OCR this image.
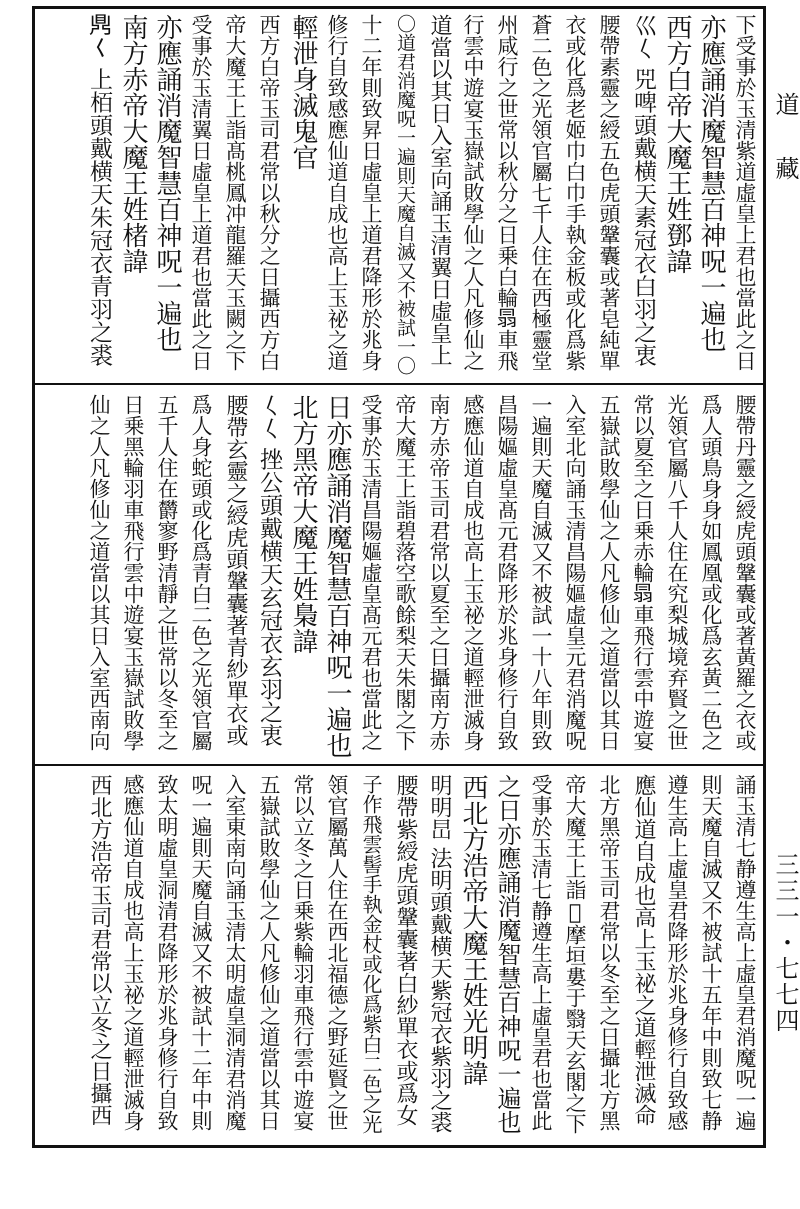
下受事於玉清紫道虛皇上君也當此之日
亦應誦消魔智慧百神呪一遍也
西方白帝大魔王姓鄧諱
巛𡿨 兕啤頭戴横天素冠衣白羽之衷
腰帶素靈之綬五色虎頭鞶囊或著皂純單
衣或化爲老姬巾白巾手執金板或化爲紫
蒼二色之光領官屬七千人住在西極靈堂
州咸行之世常以秋分之日乗白輪𦐇車飛
行雲中遊宴玉嶽試敗學仙之人凡修仙之
道當以其日入室向誦玉清翼日虛皇上
〇道君消魔呪一遍則天魔自滅又不被試一〇
十二年則致昇日虛皇上道君降形於兆身
修行自致感應仙道自成也高上玉祕之道
輕泄身滅鬼官
西方白帝玉司君常以秋分之日攝西方白
帝大魔王上詣髙桃鳳冲龍羅天玉闕之下
受事於玉清翼日虛皇上道君也當此之日
亦應誦消魔智慧百神呪一遍也
南方赤帝大魔王姓楮諱
𪔂𡿨 上栢頭戴横天朱冠衣青羽之裘
腰帶丹靈之綬虎頭鞶囊或著黃羅之衣或
爲人頭鳥身身如鳳凰或化爲玄黃二色之
光領官屬八千人住在究梨城境弃賢之世
常以夏至之日乗赤輪𦐇車飛行雲中遊宴
五嶽試敗學仙之人凡修仙之道當以其日
入室北向誦玉清昌陽嫗虛皇元君消魔呪
一遍則天魔自滅又不被試一十八年則致
昌陽嫗虛皇髙元君降形於兆身修行自致
感應仙道自成也高上玉祕之道輕泄滅身
南方赤帝玉司君常以夏至之日攝南方赤
帝大魔王上詣碧落空歌餘梨天朱閣之下
受事於玉清昌陽嫗虛皇髙元君也當此之
日亦應誦消魔智慧百神呪一遍也
北方黑帝大魔王姓梟諱
𡿨𡿨 挫公頭戴横天玄冠衣玄羽之衷
腰帶玄靈之綬虎頭鞶囊著青紗單衣或
爲人身蛇頭或化爲青白二色之光領官屬
五千人住在欝寥野清靜之世常以冬至之
日乗黑輪羽車飛行雲中遊宴玉嶽試敗學
仙之人凡修仙之道當以其日入室西南向
誦玉清七静遵生高上虛皇君消魔呪一遍
則天魔自滅又不被試十五年中則致七静
遵生高上虛皇君降形於兆身修行自致感
應仙道自成也高上玉祕之道輕泄滅命
北方黑帝玉司君常以冬至之日攝北方黑
帝大魔王上詣𭯛摩垣婁于翳天玄閣之下
受事於玉清七静遵生高上虛皇君也當此
之日亦應誦消魔智慧百神呪一遍也
西北方浩帝大魔王姓光明諱
明明旵 法明頭戴横天紫冠衣紫羽之裘
腰帶紫綬虎頭鞶囊著白紗單衣或爲女
子作飛雲髻手執金杖或化爲紫白二色之光
領官屬萬人住在西北福德之野延賢之世
常以立冬之日乗紫輪羽車飛行雲中遊宴
五嶽試敗學仙之人凡修仙之道當以其日
入室東南向誦玉清太明虛皇洞清君消魔
呪一遍則天魔自滅又不被試十二年中則
致太明虛皇洞清君降形於兆身修行自致
感應仙道自成也高上玉祕之道輕泄滅身
西北方浩帝玉司君常以立冬之日攝西
道藏
三三一・七七四
